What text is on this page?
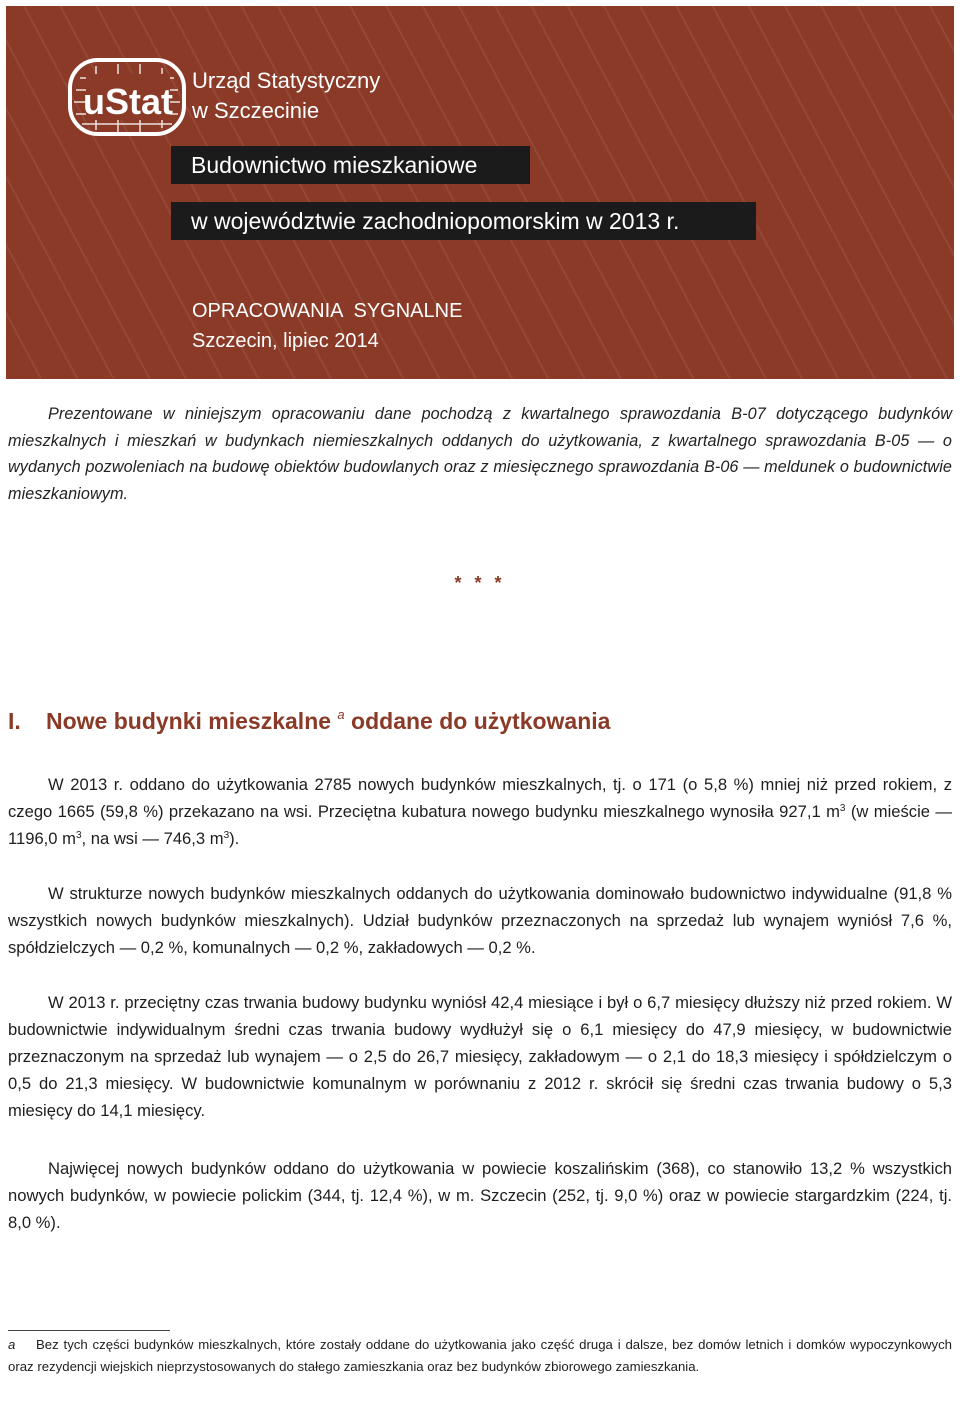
uStat
Urząd Statystyczny
w Szczecinie
Budownictwo mieszkaniowe
w województwie zachodniopomorskim w 2013 r.
OPRACOWANIA  SYGNALNE
Szczecin, lipiec 2014
Prezentowane w niniejszym opracowaniu dane pochodzą z kwartalnego sprawozdania B-07 dotyczącego budynków mieszkalnych i mieszkań w budynkach niemieszkalnych oddanych do użytkowania, z kwartalnego sprawozdania B-05 — o wydanych pozwoleniach na budowę obiektów budowlanych oraz z miesięcznego sprawozdania B-06 — meldunek o budownictwie mieszkaniowym.
* * *
I. Nowe budynki mieszkalne $^a$ oddane do użytkowania
W 2013 r. oddano do użytkowania 2785 nowych budynków mieszkalnych, tj. o 171 (o 5,8 %) mniej niż przed rokiem, z czego 1665 (59,8 %) przekazano na wsi. Przeciętna kubatura nowego budynku mieszkalnego wynosiła 927,1 $m^3$ (w mieście — 1196,0 $m^3$, na wsi — 746,3 $m^3$).
W strukturze nowych budynków mieszkalnych oddanych do użytkowania dominowało budownictwo indywidualne (91,8 % wszystkich nowych budynków mieszkalnych). Udział budynków przeznaczonych na sprzedaż lub wynajem wyniósł 7,6 %, spółdzielczych — 0,2 %, komunalnych — 0,2 %, zakładowych — 0,2 %.
W 2013 r. przeciętny czas trwania budowy budynku wyniósł 42,4 miesiące i był o 6,7 miesięcy dłuższy niż przed rokiem. W budownictwie indywidualnym średni czas trwania budowy wydłużył się o 6,1 miesięcy do 47,9 miesięcy, w budownictwie przeznaczonym na sprzedaż lub wynajem — o 2,5 do 26,7 miesięcy, zakładowym — o 2,1 do 18,3 miesięcy i spółdzielczym o 0,5 do 21,3 miesięcy. W budownictwie komunalnym w porównaniu z 2012 r. skrócił się średni czas trwania budowy o 5,3 miesięcy do 14,1 miesięcy.
Najwięcej nowych budynków oddano do użytkowania w powiecie koszalińskim (368), co stanowiło 13,2 % wszystkich nowych budynków, w powiecie polickim (344, tj. 12,4 %), w m. Szczecin (252, tj. 9,0 %) oraz w powiecie stargardzkim (224, tj. 8,0 %).
a Bez tych części budynków mieszkalnych, które zostały oddane do użytkowania jako część druga i dalsze, bez domów letnich i domków wypoczynkowych oraz rezydencji wiejskich nieprzystosowanych do stałego zamieszkania oraz bez budynków zbiorowego zamieszkania.
